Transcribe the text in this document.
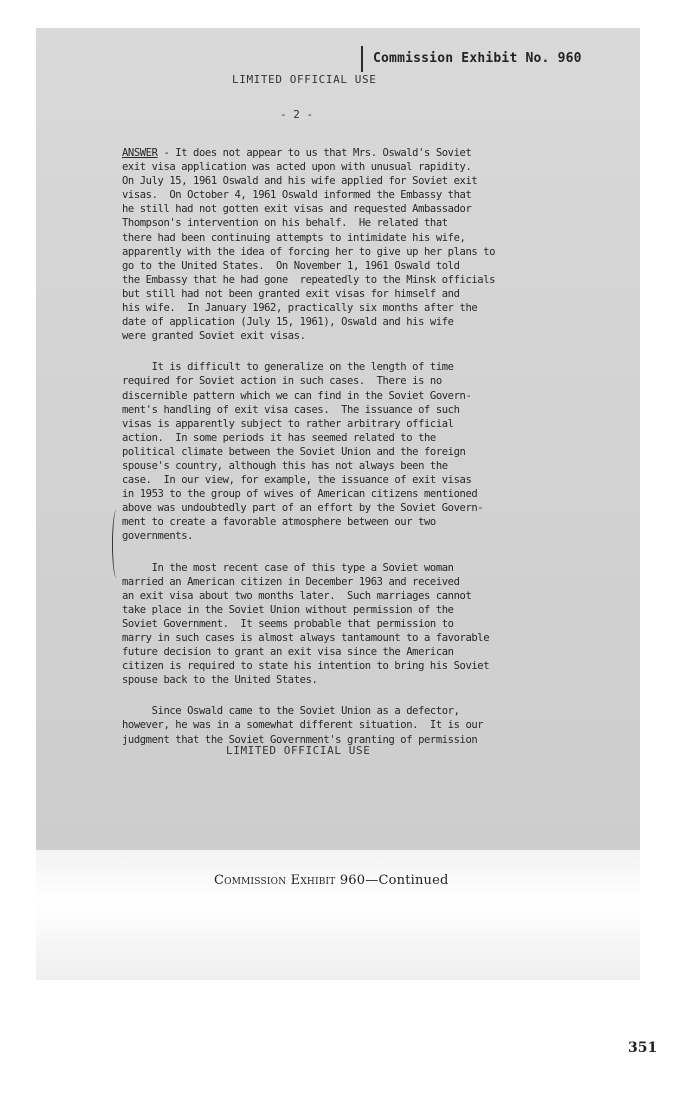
Commission Exhibit No. 960
LIMITED OFFICIAL USE
- 2 -

ANSWER - It does not appear to us that Mrs. Oswald's Soviet
exit visa application was acted upon with unusual rapidity.
On July 15, 1961 Oswald and his wife applied for Soviet exit
visas.  On October 4, 1961 Oswald informed the Embassy that
he still had not gotten exit visas and requested Ambassador
Thompson's intervention on his behalf.  He related that
there had been continuing attempts to intimidate his wife,
apparently with the idea of forcing her to give up her plans to
go to the United States.  On November 1, 1961 Oswald told
the Embassy that he had gone  repeatedly to the Minsk officials
but still had not been granted exit visas for himself and
his wife.  In January 1962, practically six months after the
date of application (July 15, 1961), Oswald and his wife
were granted Soviet exit visas.

It is difficult to generalize on the length of time
required for Soviet action in such cases.  There is no
discernible pattern which we can find in the Soviet Govern-
ment's handling of exit visa cases.  The issuance of such
visas is apparently subject to rather arbitrary official
action.  In some periods it has seemed related to the
political climate between the Soviet Union and the foreign
spouse's country, although this has not always been the
case.  In our view, for example, the issuance of exit visas
in 1953 to the group of wives of American citizens mentioned
above was undoubtedly part of an effort by the Soviet Govern-
ment to create a favorable atmosphere between our two
governments.

In the most recent case of this type a Soviet woman
married an American citizen in December 1963 and received
an exit visa about two months later.  Such marriages cannot
take place in the Soviet Union without permission of the
Soviet Government.  It seems probable that permission to
marry in such cases is almost always tantamount to a favorable
future decision to grant an exit visa since the American
citizen is required to state his intention to bring his Soviet
spouse back to the United States.

Since Oswald came to the Soviet Union as a defector,
however, he was in a somewhat different situation.  It is our
judgment that the Soviet Government's granting of permission

LIMITED OFFICIAL USE
Commission Exhibit 960—Continued
351
